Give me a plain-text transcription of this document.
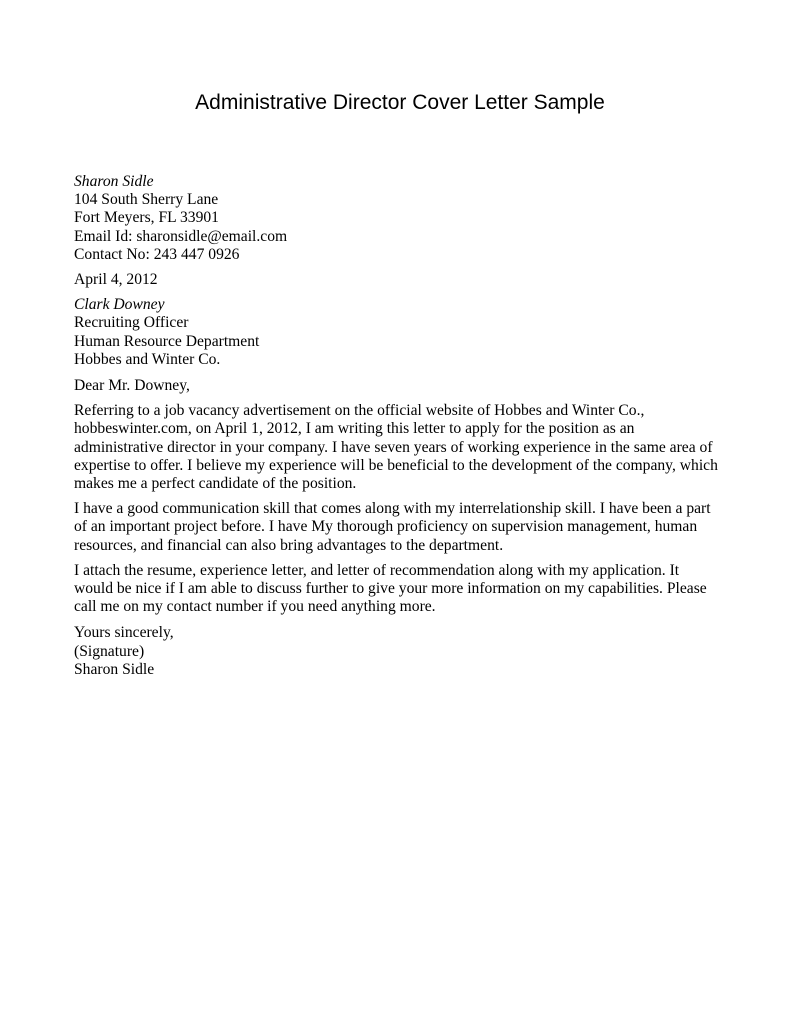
Administrative Director Cover Letter Sample
Sharon Sidle
104 South Sherry Lane
Fort Meyers, FL 33901
Email Id: sharonsidle@email.com
Contact No: 243 447 0926
April 4, 2012
Clark Downey
Recruiting Officer
Human Resource Department
Hobbes and Winter Co.
Dear Mr. Downey,
Referring to a job vacancy advertisement on the official website of Hobbes and Winter Co.,
hobbeswinter.com, on April 1, 2012, I am writing this letter to apply for the position as an
administrative director in your company. I have seven years of working experience in the same area of
expertise to offer. I believe my experience will be beneficial to the development of the company, which
makes me a perfect candidate of the position.
I have a good communication skill that comes along with my interrelationship skill. I have been a part
of an important project before. I have My thorough proficiency on supervision management, human
resources, and financial can also bring advantages to the department.
I attach the resume, experience letter, and letter of recommendation along with my application. It
would be nice if I am able to discuss further to give your more information on my capabilities. Please
call me on my contact number if you need anything more.
Yours sincerely,
(Signature)
Sharon Sidle
